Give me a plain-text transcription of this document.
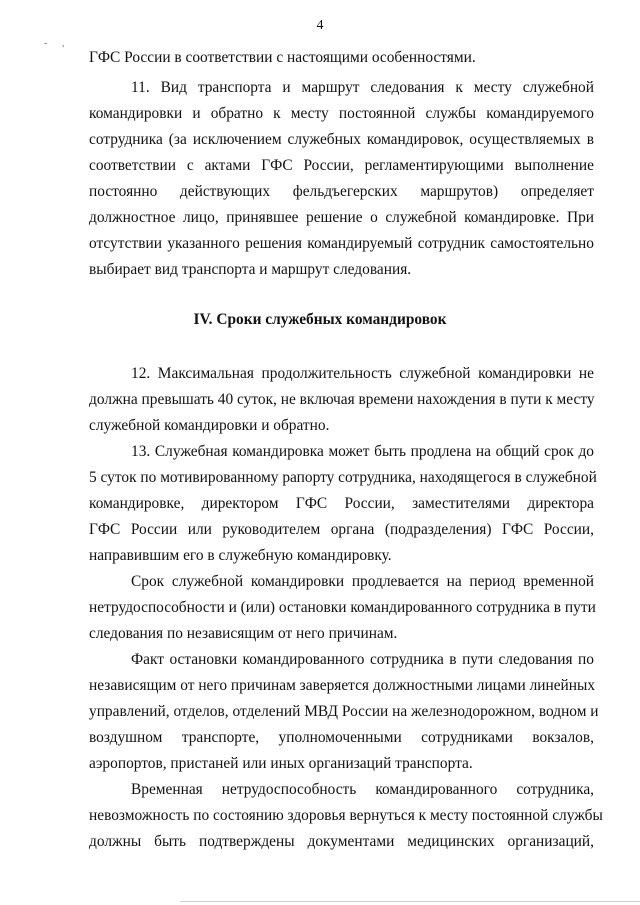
4
- ,
ГФС России в соответствии с настоящими особенностями.
11. Вид транспорта и маршрут следования к месту служебной
командировки и обратно к месту постоянной службы командируемого
сотрудника (за исключением служебных командировок, осуществляемых в
соответствии с актами ГФС России, регламентирующими выполнение
постоянно действующих фельдъегерских маршрутов) определяет
должностное лицо, принявшее решение о служебной командировке. При
отсутствии указанного решения командируемый сотрудник самостоятельно
выбирает вид транспорта и маршрут следования.
IV. Сроки служебных командировок
12. Максимальная продолжительность служебной командировки не
должна превышать 40 суток, не включая времени нахождения в пути к месту
служебной командировки и обратно.
13. Служебная командировка может быть продлена на общий срок до
5 суток по мотивированному рапорту сотрудника, находящегося в служебной
командировке, директором ГФС России, заместителями директора
ГФС России или руководителем органа (подразделения) ГФС России,
направившим его в служебную командировку.
Срок служебной командировки продлевается на период временной
нетрудоспособности и (или) остановки командированного сотрудника в пути
следования по независящим от него причинам.
Факт остановки командированного сотрудника в пути следования по
независящим от него причинам заверяется должностными лицами линейных
управлений, отделов, отделений МВД России на железнодорожном, водном и
воздушном транспорте, уполномоченными сотрудниками вокзалов,
аэропортов, пристаней или иных организаций транспорта.
Временная нетрудоспособность командированного сотрудника,
невозможность по состоянию здоровья вернуться к месту постоянной службы
должны быть подтверждены документами медицинских организаций,
